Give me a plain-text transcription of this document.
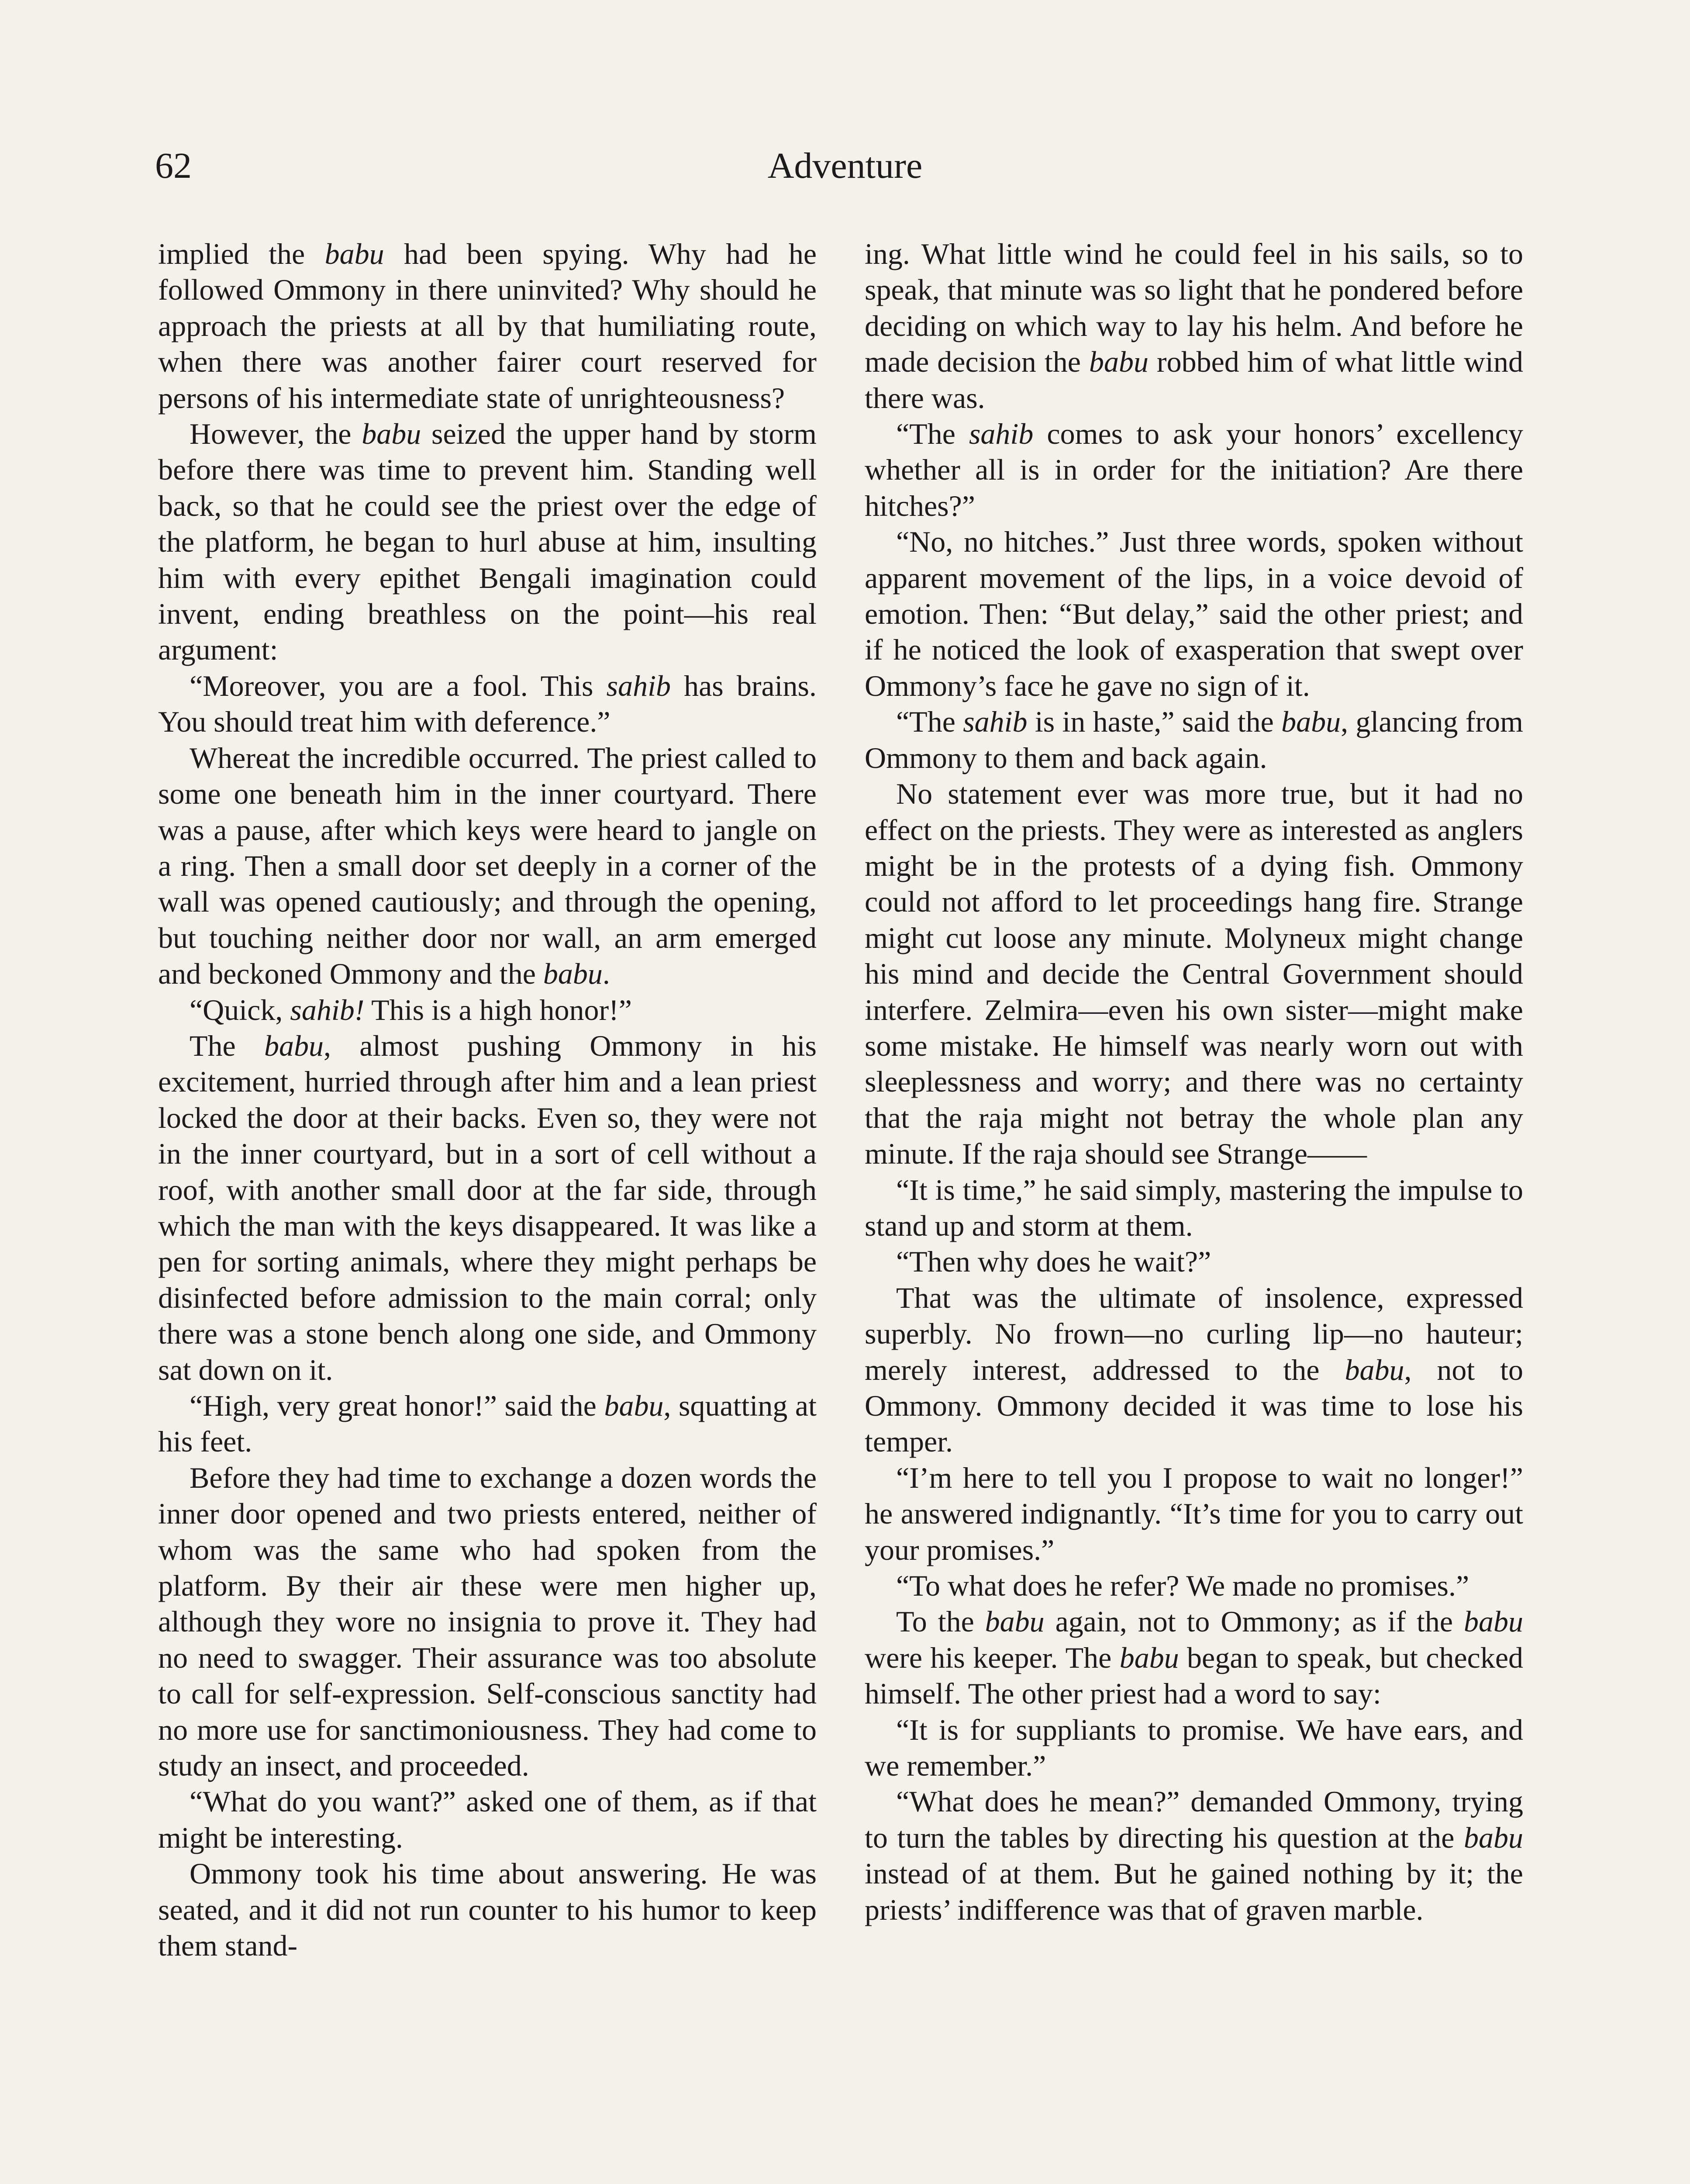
62	Adventure

implied the babu had been spying. Why had he followed Ommony in there uninvited? Why should he approach the priests at all by that humiliating route, when there was another fairer court reserved for persons of his intermediate state of unrighteousness?

However, the babu seized the upper hand by storm before there was time to prevent him. Standing well back, so that he could see the priest over the edge of the platform, he began to hurl abuse at him, insulting him with every epithet Bengali imagination could invent, ending breathless on the point—his real argument:

“Moreover, you are a fool. This sahib has brains. You should treat him with deference.”

Whereat the incredible occurred. The priest called to some one beneath him in the inner courtyard. There was a pause, after which keys were heard to jangle on a ring. Then a small door set deeply in a corner of the wall was opened cautiously; and through the opening, but touching neither door nor wall, an arm emerged and beckoned Ommony and the babu.

“Quick, sahib! This is a high honor!”

The babu, almost pushing Ommony in his excitement, hurried through after him and a lean priest locked the door at their backs. Even so, they were not in the inner courtyard, but in a sort of cell without a roof, with another small door at the far side, through which the man with the keys disappeared. It was like a pen for sorting animals, where they might perhaps be disinfected before admission to the main corral; only there was a stone bench along one side, and Ommony sat down on it.

“High, very great honor!” said the babu, squatting at his feet.

Before they had time to exchange a dozen words the inner door opened and two priests entered, neither of whom was the same who had spoken from the platform. By their air these were men higher up, although they wore no insignia to prove it. They had no need to swagger. Their assurance was too absolute to call for self-expression. Self-conscious sanctity had no more use for sanctimoniousness. They had come to study an insect, and proceeded.

“What do you want?” asked one of them, as if that might be interesting.

Ommony took his time about answering. He was seated, and it did not run counter to his humor to keep them stand-

ing. What little wind he could feel in his sails, so to speak, that minute was so light that he pondered before deciding on which way to lay his helm. And before he made decision the babu robbed him of what little wind there was.

“The sahib comes to ask your honors’ excellency whether all is in order for the initiation? Are there hitches?”

“No, no hitches.” Just three words, spoken without apparent movement of the lips, in a voice devoid of emotion. Then: “But delay,” said the other priest; and if he noticed the look of exasperation that swept over Ommony’s face he gave no sign of it.

“The sahib is in haste,” said the babu, glancing from Ommony to them and back again.

No statement ever was more true, but it had no effect on the priests. They were as interested as anglers might be in the protests of a dying fish. Ommony could not afford to let proceedings hang fire. Strange might cut loose any minute. Molyneux might change his mind and decide the Central Government should interfere. Zelmira—even his own sister—might make some mistake. He himself was nearly worn out with sleeplessness and worry; and there was no certainty that the raja might not betray the whole plan any minute. If the raja should see Strange——

“It is time,” he said simply, mastering the impulse to stand up and storm at them.

“Then why does he wait?”

That was the ultimate of insolence, expressed superbly. No frown—no curling lip—no hauteur; merely interest, addressed to the babu, not to Ommony. Ommony decided it was time to lose his temper.

“I’m here to tell you I propose to wait no longer!” he answered indignantly. “It’s time for you to carry out your promises.”

“To what does he refer? We made no promises.”

To the babu again, not to Ommony; as if the babu were his keeper. The babu began to speak, but checked himself. The other priest had a word to say:

“It is for suppliants to promise. We have ears, and we remember.”

“What does he mean?” demanded Ommony, trying to turn the tables by directing his question at the babu instead of at them. But he gained nothing by it; the priests’ indifference was that of graven marble.
